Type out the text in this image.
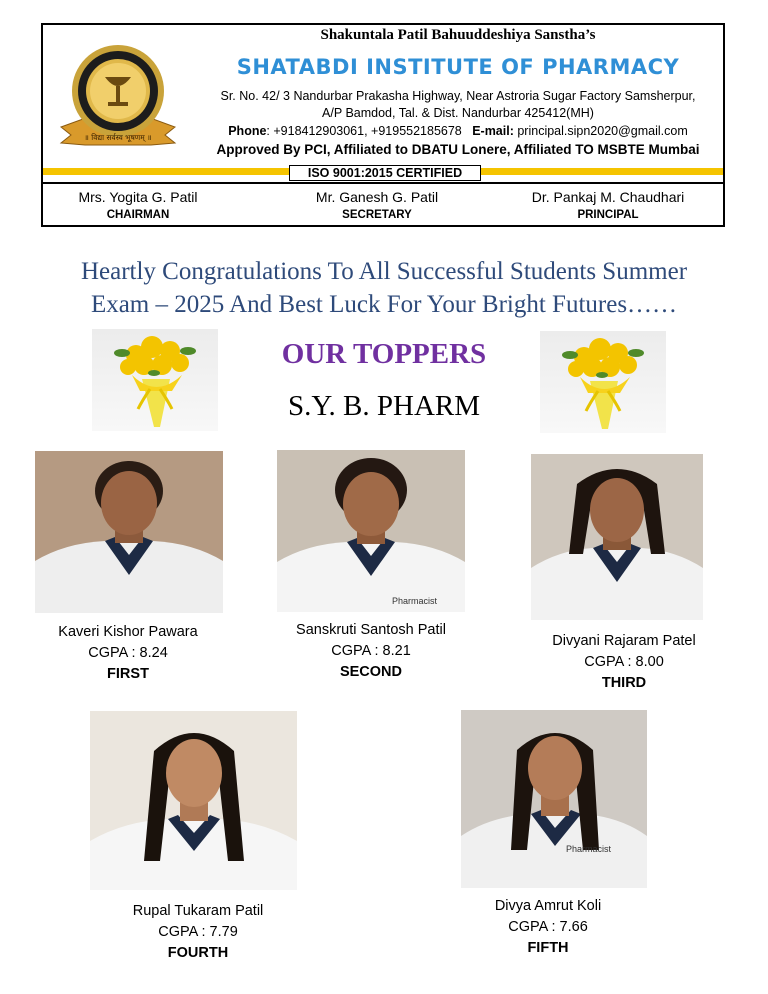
॥ विद्या सर्वस्व भूषणम् ॥
Shakuntala Patil Bahuuddeshiya Sanstha’s
SHATABDI INSTITUTE OF PHARMACY
Sr. No. 42/ 3 Nandurbar Prakasha Highway, Near Astroria Sugar Factory Samsherpur,
A/P Bamdod, Tal. & Dist. Nandurbar 425412(MH)
Phone: +918412903061, +919552185678 E-mail: principal.sipn2020@gmail.com
Approved By PCI, Affiliated to DBATU Lonere, Affiliated TO MSBTE Mumbai
ISO 9001:2015 CERTIFIED
Mrs. Yogita G. Patil
CHAIRMAN
Mr. Ganesh G. Patil
SECRETARY
Dr. Pankaj M. Chaudhari
PRINCIPAL
Heartly Congratulations To All Successful Students Summer
Exam – 2025 And Best Luck For Your Bright Futures……
OUR TOPPERS
S.Y. B. PHARM
Pharmacist
Pharmacist
Kaveri Kishor Pawara
CGPA : 8.24
FIRST
Sanskruti Santosh Patil
CGPA : 8.21
SECOND
Divyani Rajaram Patel
CGPA : 8.00
THIRD
Rupal Tukaram Patil
CGPA : 7.79
FOURTH
Divya Amrut Koli
CGPA : 7.66
FIFTH
